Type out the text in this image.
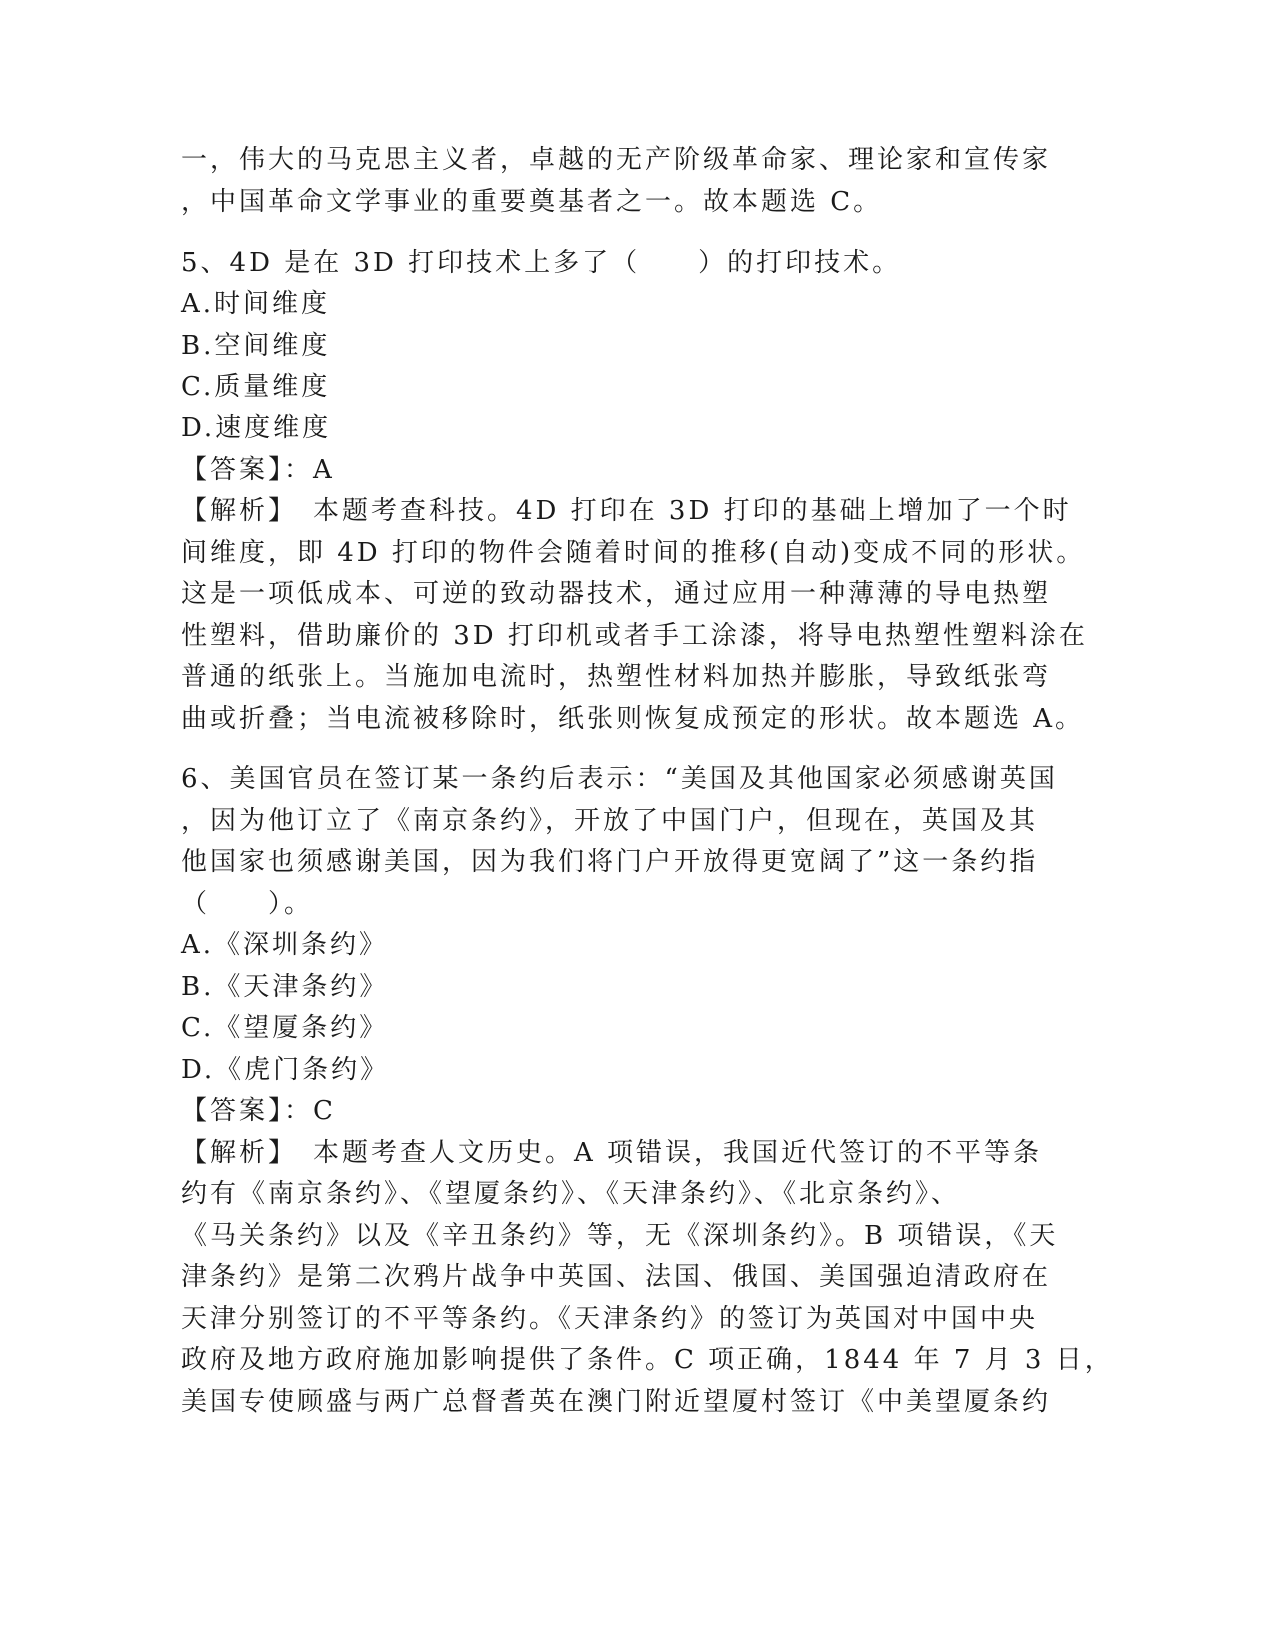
一，伟大的马克思主义者，卓越的无产阶级革命家、理论家和宣传家
，中国革命文学事业的重要奠基者之一。故本题选 C。
5、4D 是在 3D 打印技术上多了（　　）的打印技术。
A.时间维度
B.空间维度
C.质量维度
D.速度维度
【答案】：A
【解析】　本题考查科技。4D 打印在 3D 打印的基础上增加了一个时
间维度，即 4D 打印的物件会随着时间的推移(自动)变成不同的形状。
这是一项低成本、可逆的致动器技术，通过应用一种薄薄的导电热塑
性塑料，借助廉价的 3D 打印机或者手工涂漆，将导电热塑性塑料涂在
普通的纸张上。当施加电流时，热塑性材料加热并膨胀，导致纸张弯
曲或折叠；当电流被移除时，纸张则恢复成预定的形状。故本题选 A。
6、美国官员在签订某一条约后表示：“美国及其他国家必须感谢英国
，因为他订立了《南京条约》，开放了中国门户，但现在，英国及其
他国家也须感谢美国，因为我们将门户开放得更宽阔了”这一条约指
（　　）。
A.《深圳条约》
B.《天津条约》
C.《望厦条约》
D.《虎门条约》
【答案】：C
【解析】　本题考查人文历史。A 项错误，我国近代签订的不平等条
约有《南京条约》、《望厦条约》、《天津条约》、《北京条约》、
《马关条约》以及《辛丑条约》等，无《深圳条约》。B 项错误，《天
津条约》是第二次鸦片战争中英国、法国、俄国、美国强迫清政府在
天津分别签订的不平等条约。《天津条约》的签订为英国对中国中央
政府及地方政府施加影响提供了条件。C 项正确，1844 年 7 月 3 日，
美国专使顾盛与两广总督耆英在澳门附近望厦村签订《中美望厦条约
